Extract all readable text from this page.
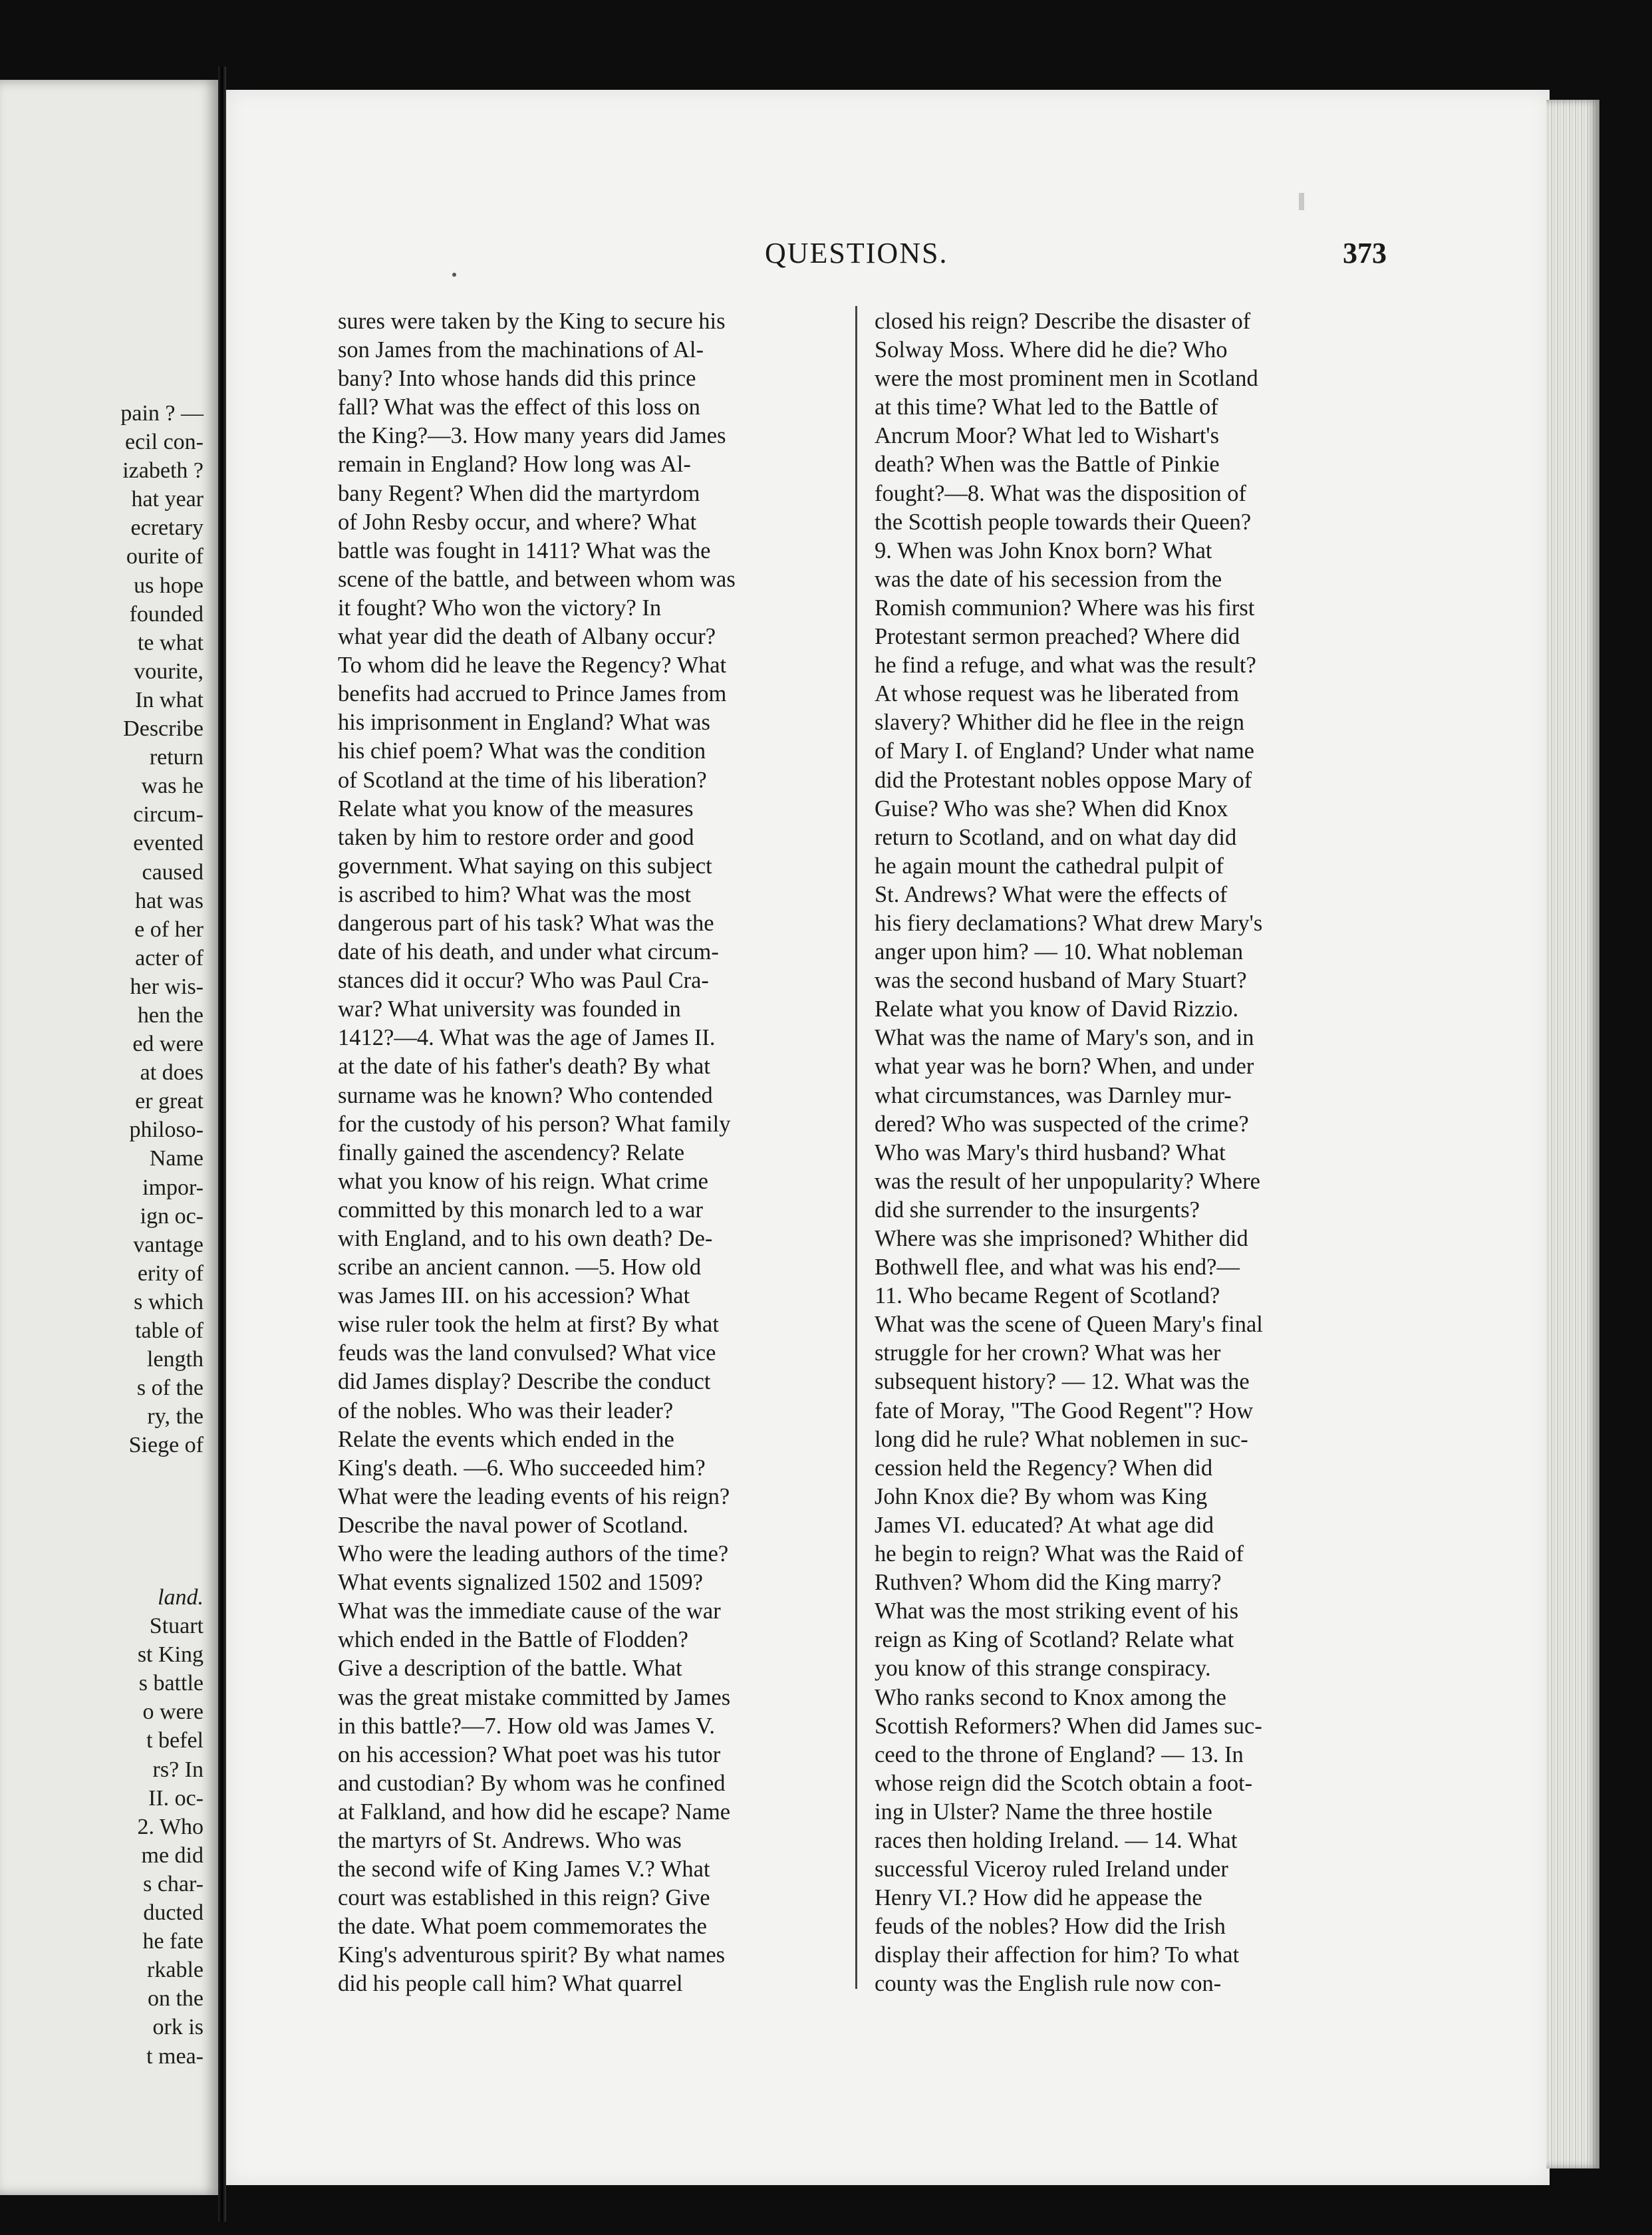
pain ? —
ecil con-
izabeth ?
hat year
ecretary
ourite of
us hope
founded
te what
vourite,
In what
Describe
return
was he
circum-
evented
caused
hat was
e of her
acter of
her wis-
hen the
ed were
at does
er great
philoso-
Name
impor-
ign oc-
vantage
erity of
s which
table of
length
s of the
ry, the
Siege of
land.
Stuart
st King
s battle
o were
t befel
rs? In
II. oc-
2. Who
me did
s char-
ducted
he fate
rkable
on the
ork is
t mea-
QUESTIONS.	373
sures were taken by the King to secure his
son James from the machinations of Al-
bany? Into whose hands did this prince
fall? What was the effect of this loss on
the King?—3. How many years did James
remain in England? How long was Al-
bany Regent? When did the martyrdom
of John Resby occur, and where? What
battle was fought in 1411? What was the
scene of the battle, and between whom was
it fought? Who won the victory? In
what year did the death of Albany occur?
To whom did he leave the Regency? What
benefits had accrued to Prince James from
his imprisonment in England? What was
his chief poem? What was the condition
of Scotland at the time of his liberation?
Relate what you know of the measures
taken by him to restore order and good
government. What saying on this subject
is ascribed to him? What was the most
dangerous part of his task? What was the
date of his death, and under what circum-
stances did it occur? Who was Paul Cra-
war? What university was founded in
1412?—4. What was the age of James II.
at the date of his father's death? By what
surname was he known? Who contended
for the custody of his person? What family
finally gained the ascendency? Relate
what you know of his reign. What crime
committed by this monarch led to a war
with England, and to his own death? De-
scribe an ancient cannon. —5. How old
was James III. on his accession? What
wise ruler took the helm at first? By what
feuds was the land convulsed? What vice
did James display? Describe the conduct
of the nobles. Who was their leader?
Relate the events which ended in the
King's death. —6. Who succeeded him?
What were the leading events of his reign?
Describe the naval power of Scotland.
Who were the leading authors of the time?
What events signalized 1502 and 1509?
What was the immediate cause of the war
which ended in the Battle of Flodden?
Give a description of the battle. What
was the great mistake committed by James
in this battle?—7. How old was James V.
on his accession? What poet was his tutor
and custodian? By whom was he confined
at Falkland, and how did he escape? Name
the martyrs of St. Andrews. Who was
the second wife of King James V.? What
court was established in this reign? Give
the date. What poem commemorates the
King's adventurous spirit? By what names
did his people call him? What quarrel
closed his reign? Describe the disaster of
Solway Moss. Where did he die? Who
were the most prominent men in Scotland
at this time? What led to the Battle of
Ancrum Moor? What led to Wishart's
death? When was the Battle of Pinkie
fought?—8. What was the disposition of
the Scottish people towards their Queen?
9. When was John Knox born? What
was the date of his secession from the
Romish communion? Where was his first
Protestant sermon preached? Where did
he find a refuge, and what was the result?
At whose request was he liberated from
slavery? Whither did he flee in the reign
of Mary I. of England? Under what name
did the Protestant nobles oppose Mary of
Guise? Who was she? When did Knox
return to Scotland, and on what day did
he again mount the cathedral pulpit of
St. Andrews? What were the effects of
his fiery declamations? What drew Mary's
anger upon him? — 10. What nobleman
was the second husband of Mary Stuart?
Relate what you know of David Rizzio.
What was the name of Mary's son, and in
what year was he born? When, and under
what circumstances, was Darnley mur-
dered? Who was suspected of the crime?
Who was Mary's third husband? What
was the result of her unpopularity? Where
did she surrender to the insurgents?
Where was she imprisoned? Whither did
Bothwell flee, and what was his end?—
11. Who became Regent of Scotland?
What was the scene of Queen Mary's final
struggle for her crown? What was her
subsequent history? — 12. What was the
fate of Moray, "The Good Regent"? How
long did he rule? What noblemen in suc-
cession held the Regency? When did
John Knox die? By whom was King
James VI. educated? At what age did
he begin to reign? What was the Raid of
Ruthven? Whom did the King marry?
What was the most striking event of his
reign as King of Scotland? Relate what
you know of this strange conspiracy.
Who ranks second to Knox among the
Scottish Reformers? When did James suc-
ceed to the throne of England? — 13. In
whose reign did the Scotch obtain a foot-
ing in Ulster? Name the three hostile
races then holding Ireland. — 14. What
successful Viceroy ruled Ireland under
Henry VI.? How did he appease the
feuds of the nobles? How did the Irish
display their affection for him? To what
county was the English rule now con-
